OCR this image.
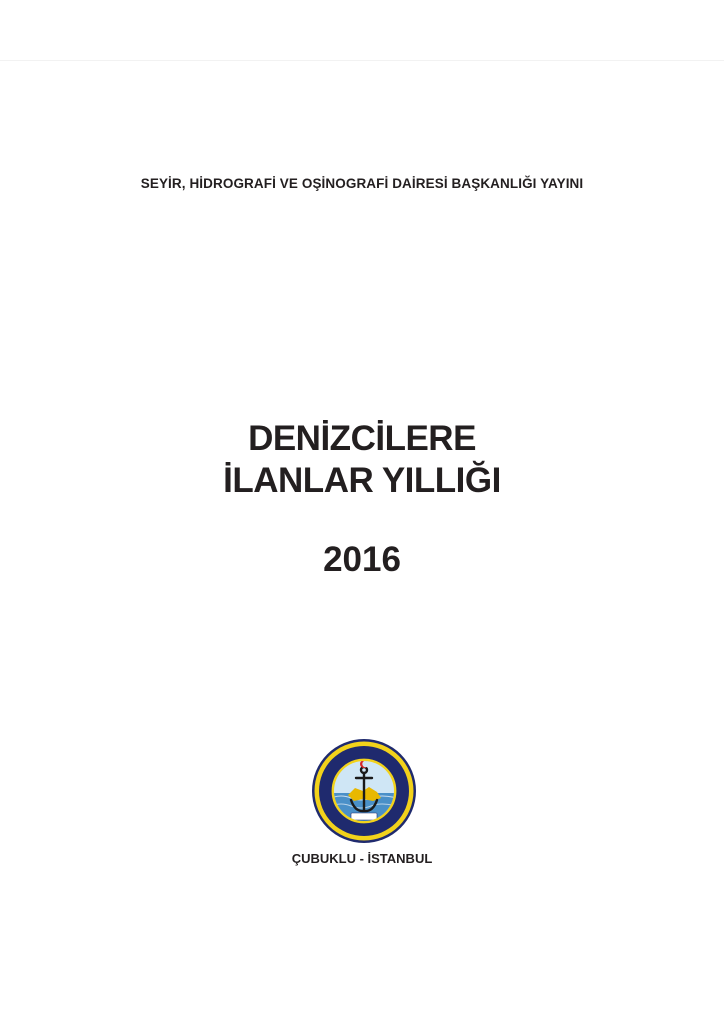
SEYİR, HİDROGRAFİ VE OŞİNOGRAFİ DAİRESİ BAŞKANLIĞI YAYINI
DENİZCİLERE
İLANLAR YILLIĞI
2016
ÇUBUKLU - İSTANBUL
